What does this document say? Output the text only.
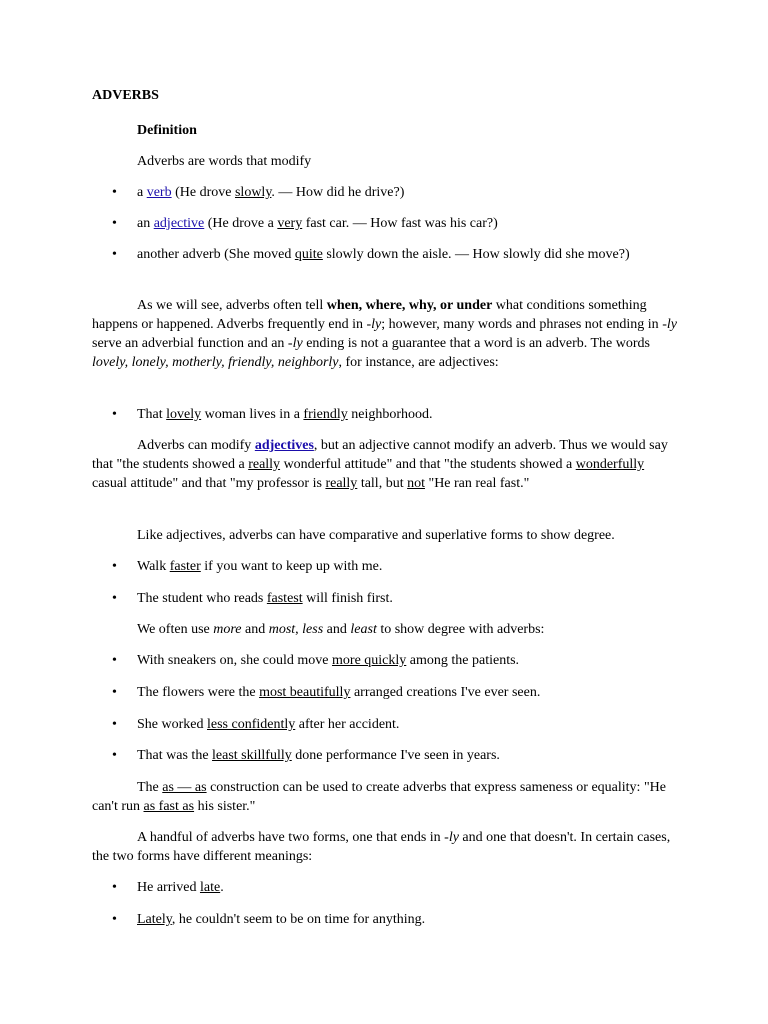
ADVERBS

Definition

Adverbs are words that modify

•	a verb (He drove slowly. — How did he drive?)
•	an adjective (He drove a very fast car. — How fast was his car?)
•	another adverb (She moved quite slowly down the aisle. — How slowly did she move?)

As we will see, adverbs often tell when, where, why, or under what conditions something happens or happened. Adverbs frequently end in -ly; however, many words and phrases not ending in -ly serve an adverbial function and an -ly ending is not a guarantee that a word is an adverb. The words lovely, lonely, motherly, friendly, neighborly, for instance, are adjectives:

•	That lovely woman lives in a friendly neighborhood.

Adverbs can modify adjectives, but an adjective cannot modify an adverb. Thus we would say that "the students showed a really wonderful attitude" and that "the students showed a wonderfully casual attitude" and that "my professor is really tall, but not "He ran real fast."

Like adjectives, adverbs can have comparative and superlative forms to show degree.

•	Walk faster if you want to keep up with me.
•	The student who reads fastest will finish first.

We often use more and most, less and least to show degree with adverbs:

•	With sneakers on, she could move more quickly among the patients.
•	The flowers were the most beautifully arranged creations I've ever seen.
•	She worked less confidently after her accident.
•	That was the least skillfully done performance I've seen in years.

The as — as construction can be used to create adverbs that express sameness or equality: "He can't run as fast as his sister."

A handful of adverbs have two forms, one that ends in -ly and one that doesn't. In certain cases, the two forms have different meanings:

•	He arrived late.
•	Lately, he couldn't seem to be on time for anything.
